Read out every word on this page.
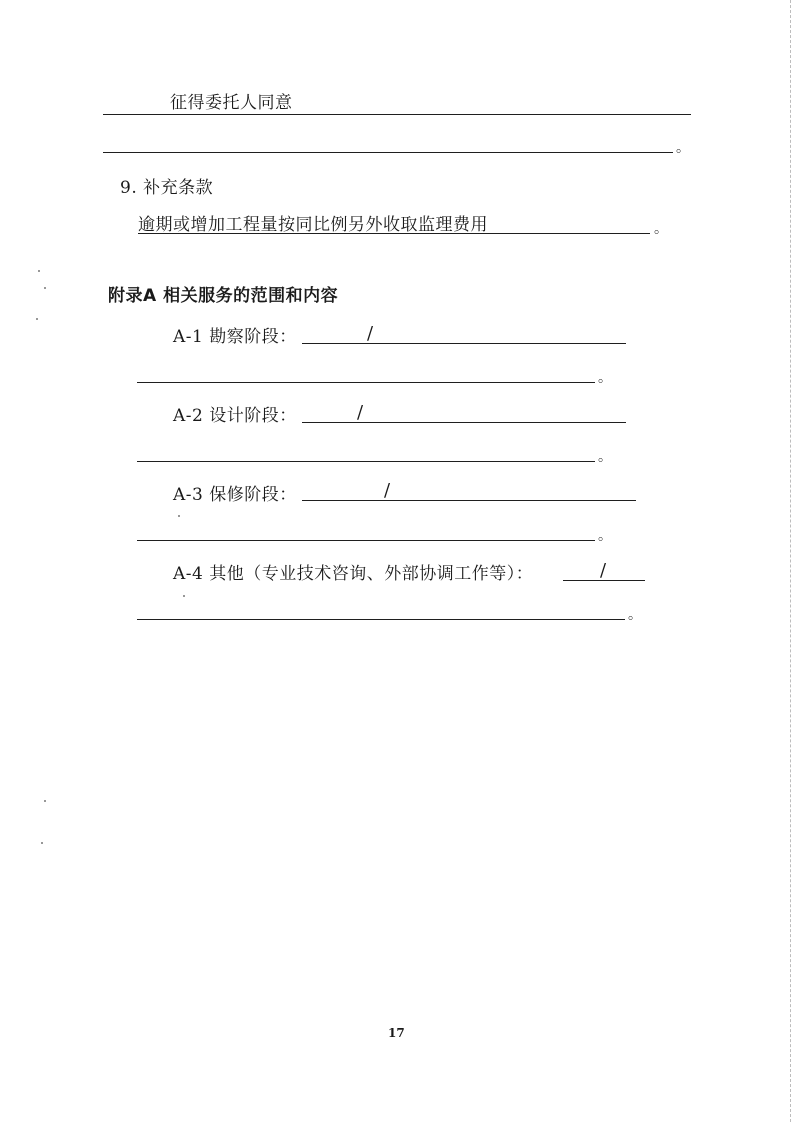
征得委托人同意
。
9. 补充条款
逾期或增加工程量按同比例另外收取监理费用	。
附录A 相关服务的范围和内容
A-1 勘察阶段：	/
。
A-2 设计阶段：	/
。
A-3 保修阶段：	/
。
A-4 其他（专业技术咨询、外部协调工作等）：	/
。
17
